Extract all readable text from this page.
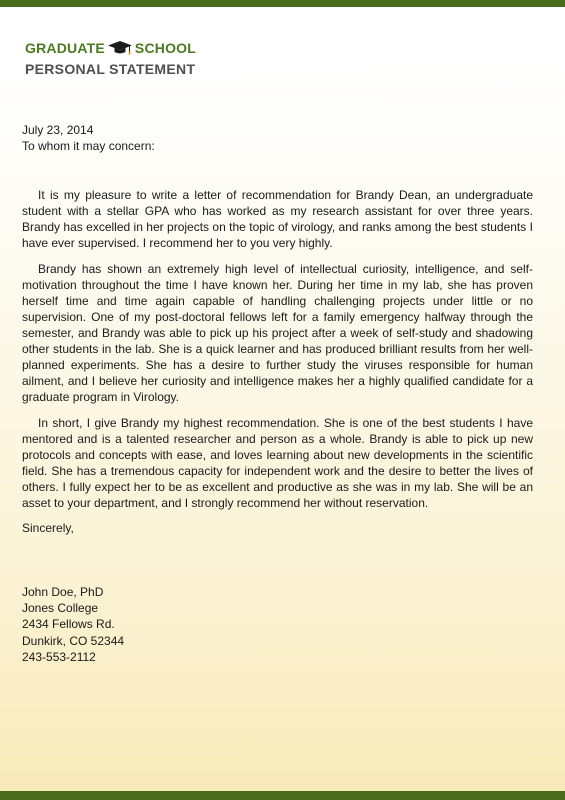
GRADUATE SCHOOL
PERSONAL STATEMENT

July 23, 2014

To whom it may concern:

It is my pleasure to write a letter of recommendation for Brandy Dean, an undergraduate student with a stellar GPA who has worked as my research assistant for over three years. Brandy has excelled in her projects on the topic of virology, and ranks among the best students I have ever supervised. I recommend her to you very highly.

Brandy has shown an extremely high level of intellectual curiosity, intelligence, and self-motivation throughout the time I have known her. During her time in my lab, she has proven herself time and time again capable of handling challenging projects under little or no supervision. One of my post-doctoral fellows left for a family emergency halfway through the semester, and Brandy was able to pick up his project after a week of self-study and shadowing other students in the lab. She is a quick learner and has produced brilliant results from her well-planned experiments. She has a desire to further study the viruses responsible for human ailment, and I believe her curiosity and intelligence makes her a highly qualified candidate for a graduate program in Virology.

In short, I give Brandy my highest recommendation. She is one of the best students I have mentored and is a talented researcher and person as a whole. Brandy is able to pick up new protocols and concepts with ease, and loves learning about new developments in the scientific field. She has a tremendous capacity for independent work and the desire to better the lives of others. I fully expect her to be as excellent and productive as she was in my lab. She will be an asset to your department, and I strongly recommend her without reservation.

Sincerely,

John Doe, PhD
Jones College
2434 Fellows Rd.
Dunkirk, CO 52344
243-553-2112
